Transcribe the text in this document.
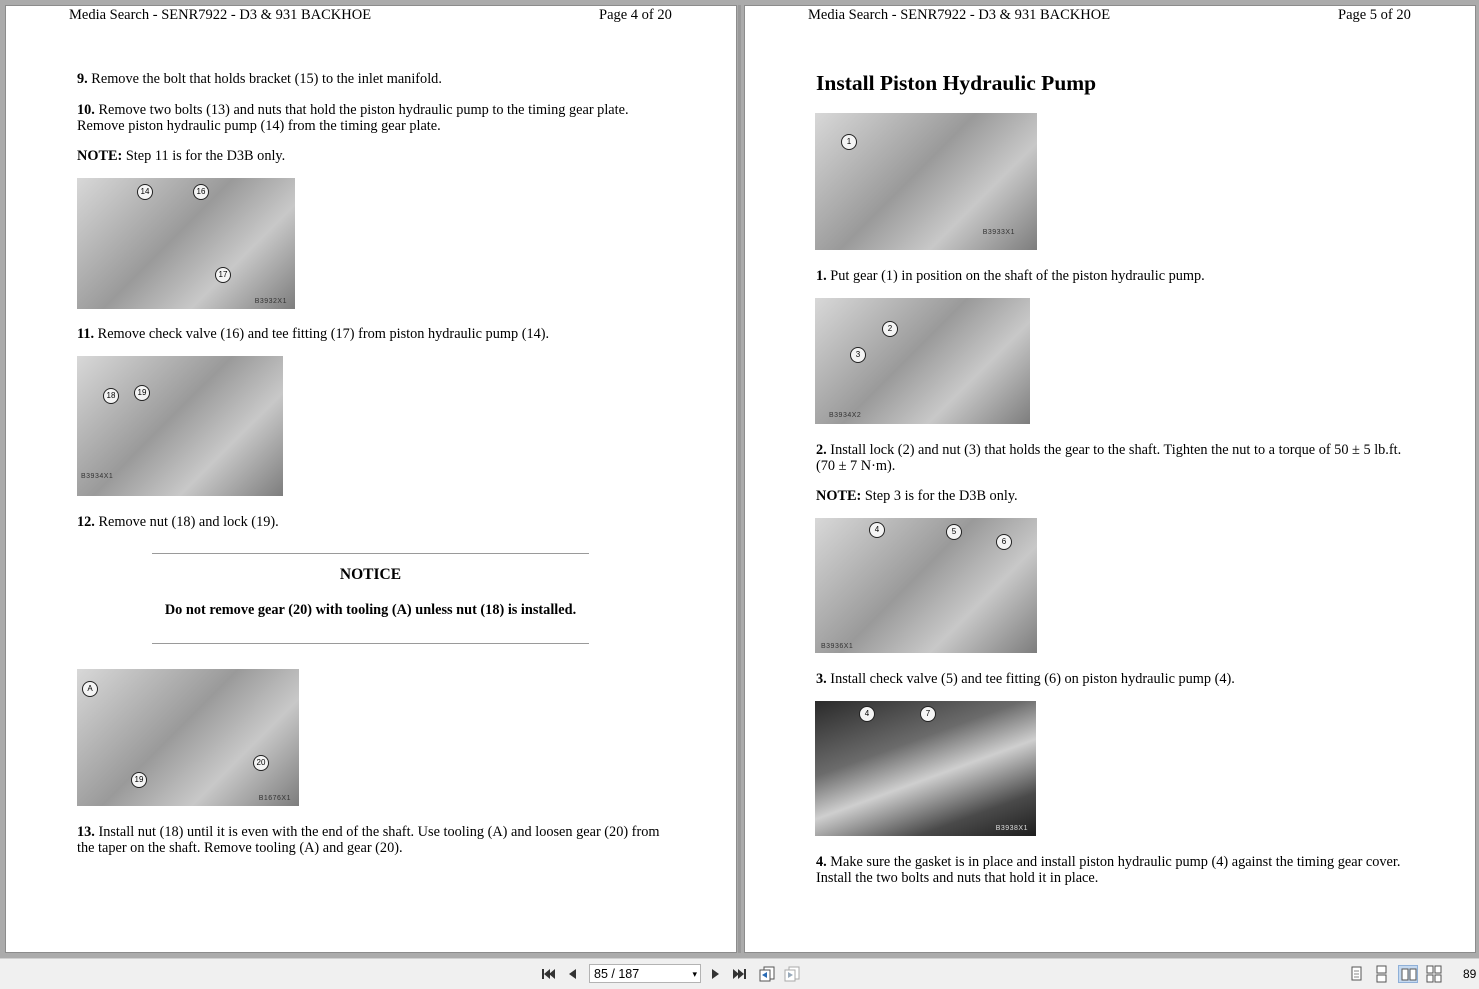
Media Search - SENR7922 - D3 & 931 BACKHOE	Page 4 of 20

9. Remove the bolt that holds bracket (15) to the inlet manifold.

10. Remove two bolts (13) and nuts that hold the piston hydraulic pump to the timing gear plate. Remove piston hydraulic pump (14) from the timing gear plate.

NOTE: Step 11 is for the D3B only.

14	16
17
B3932X1

11. Remove check valve (16) and tee fitting (17) from piston hydraulic pump (14).

18	19
B3934X1

12. Remove nut (18) and lock (19).

NOTICE
Do not remove gear (20) with tooling (A) unless nut (18) is installed.
A
20
19
B1676X1

13. Install nut (18) until it is even with the end of the shaft. Use tooling (A) and loosen gear (20) from the taper on the shaft. Remove tooling (A) and gear (20).

Media Search - SENR7922 - D3 & 931 BACKHOE	Page 5 of 20
Install Piston Hydraulic Pump
1
B3933X1

1. Put gear (1) in position on the shaft of the piston hydraulic pump.

2
3
B3934X2

2. Install lock (2) and nut (3) that holds the gear to the shaft. Tighten the nut to a torque of 50 ± 5 lb.ft. (70 ± 7 N·m).

NOTE: Step 3 is for the D3B only.

4	5
6
B3936X1

3. Install check valve (5) and tee fitting (6) on piston hydraulic pump (4).

4	7
B3938X1

4. Make sure the gasket is in place and install piston hydraulic pump (4) against the timing gear cover. Install the two bolts and nuts that hold it in place.

85 / 187	▾	89
